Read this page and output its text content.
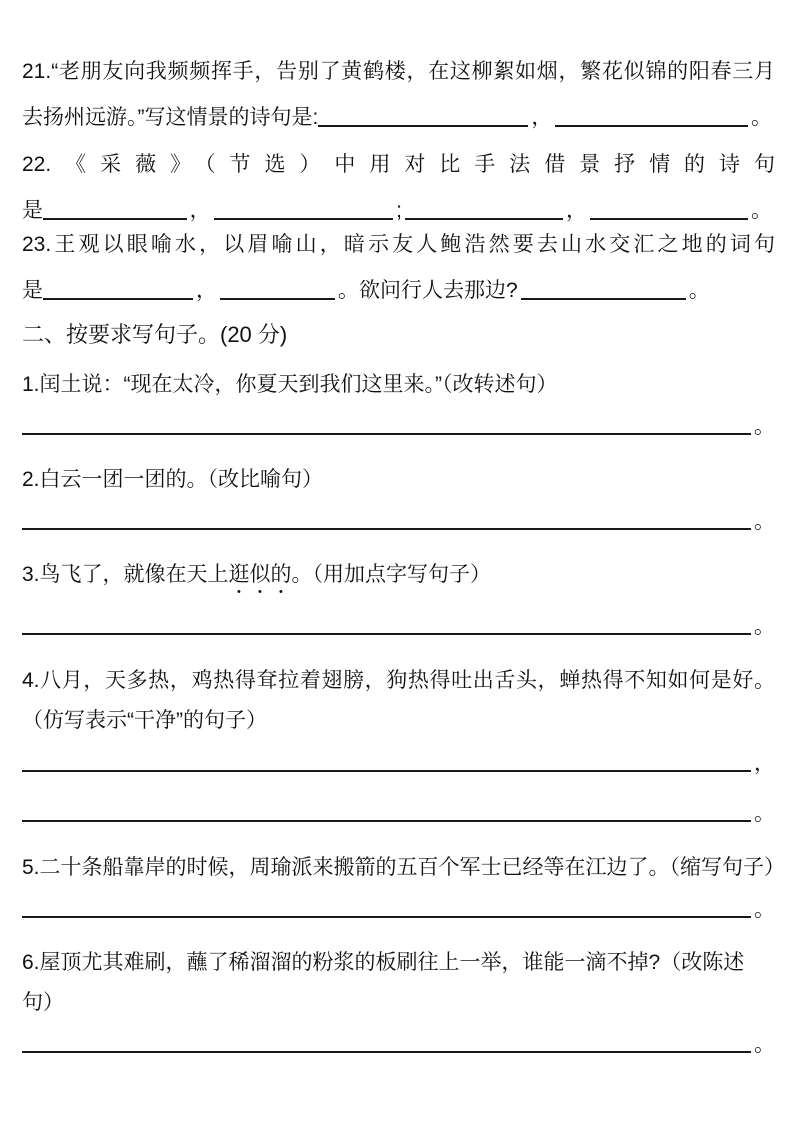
21.“老朋友向我频频挥手，告别了黄鹤楼，在这柳絮如烟，繁花似锦的阳春三月

去扬州远游。”写这情景的诗句是:	，	。

22.《采薇》（节选）中用对比手法借景抒情的诗句

是	，	;	，	。

23.王观以眼喻水，以眉喻山，暗示友人鲍浩然要去山水交汇之地的词句

是	，	。欲问行人去那边?	。

二、按要求写句子。(20 分)

1.闰土说：“现在太冷，你夏天到我们这里来。”（改转述句）

。

2.白云一团一团的。（改比喻句）

。

3.鸟飞了，就像在天上逛似的。（用加点字写句子）

。

4.八月，天多热，鸡热得耷拉着翅膀，狗热得吐出舌头，蝉热得不知如何是好。（仿写表示“干净”的句子）

，
。

5.二十条船靠岸的时候，周瑜派来搬箭的五百个军士已经等在江边了。（缩写句子）

。

6.屋顶尤其难刷，蘸了稀溜溜的粉浆的板刷往上一举，谁能一滴不掉?（改陈述句）

。
